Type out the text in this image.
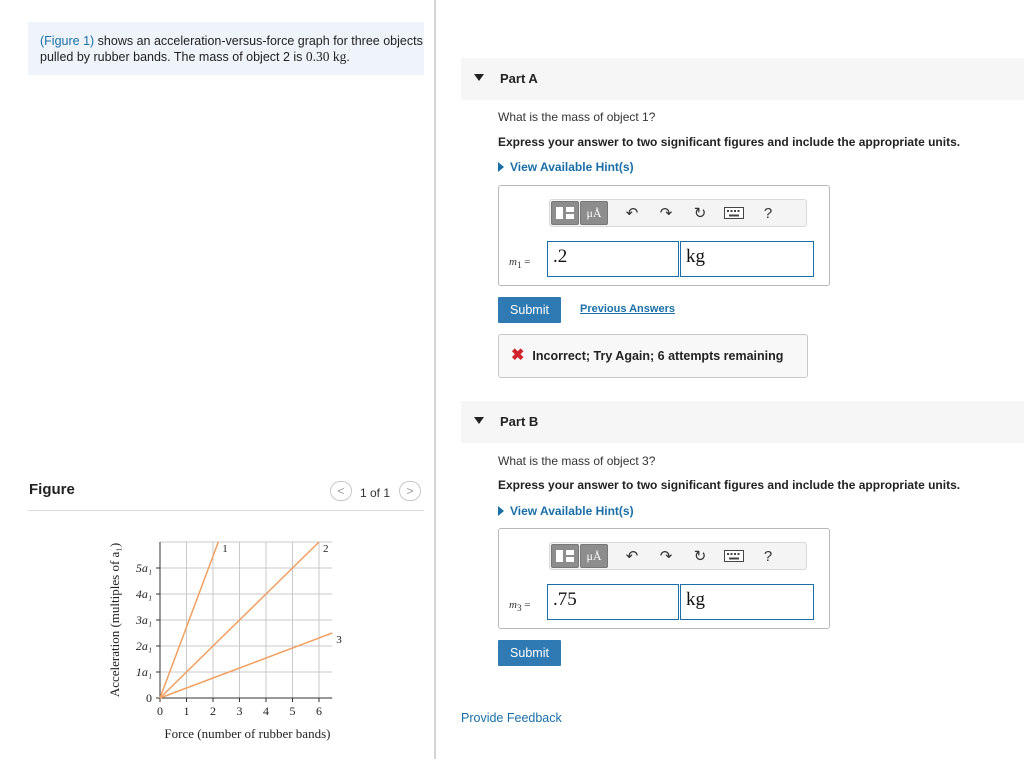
(Figure 1) shows an acceleration-versus-force graph for three objects pulled by rubber bands. The mass of object 2 is 0.30 kg.
Figure	< 1 of 1 >
0 1 2 3 4 5 6
0
1a₁
2a₁
3a₁
4a₁
5a₁
1	2
3
Force (number of rubber bands)
Acceleration (multiples of a₁)
Part A
What is the mass of object 1?
Express your answer to two significant figures and include the appropriate units.
View Available Hint(s)
μÅ ↶ ↷ ↻	?
$m_1$ =	.2	kg
Submit	Previous Answers
✖ Incorrect; Try Again; 6 attempts remaining
Part B
What is the mass of object 3?
Express your answer to two significant figures and include the appropriate units.
View Available Hint(s)
μÅ ↶ ↷ ↻	?
$m_3$ =	.75	kg
Submit
Provide Feedback
